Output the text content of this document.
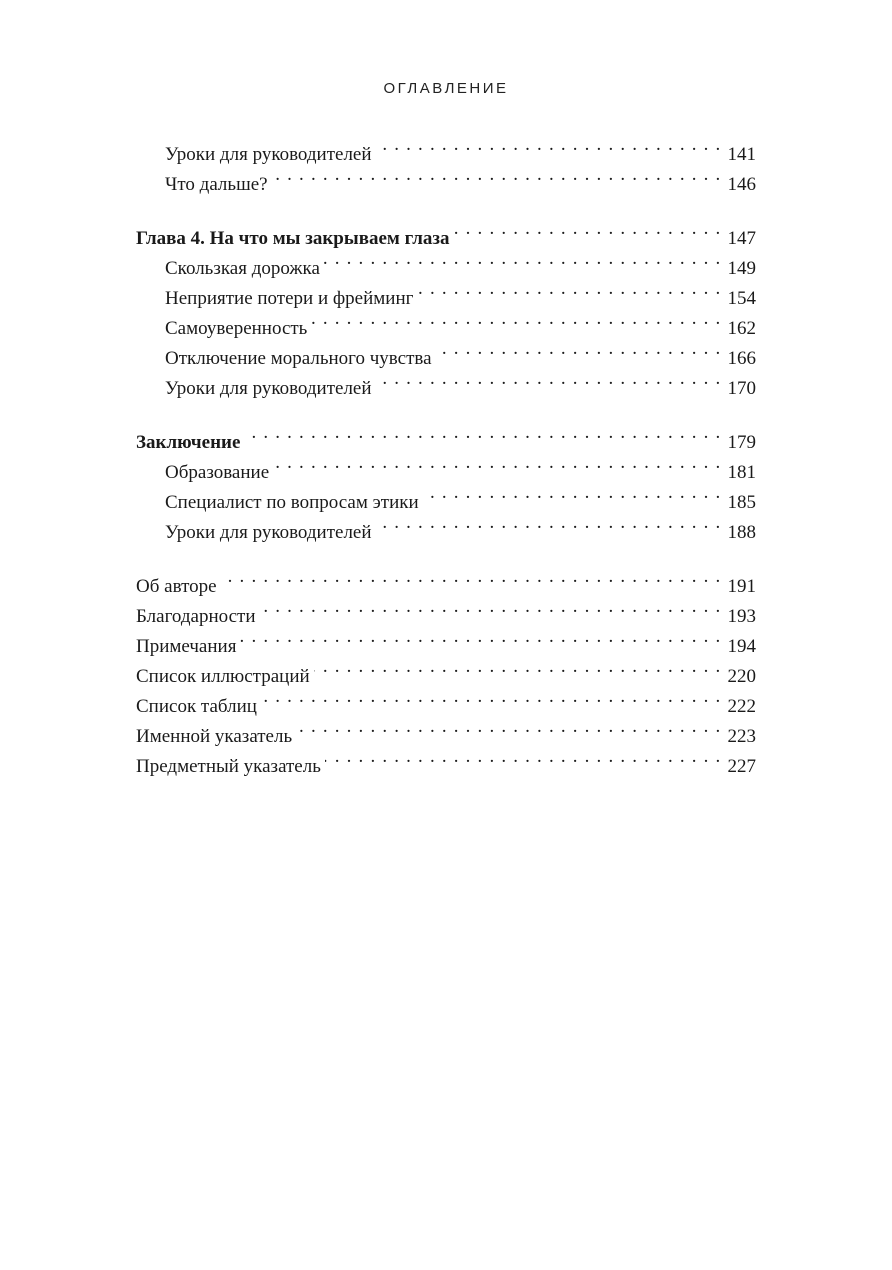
ОГЛАВЛЕНИЕ
Уроки для руководителей . . .	141
Что дальше? . . .	146
Глава 4. На что мы закрываем глаза . . .	147
Скользкая дорожка . . .	149
Неприятие потери и фрейминг . . .	154
Самоуверенность . . .	162
Отключение морального чувства . . .	166
Уроки для руководителей . . .	170
Заключение . . .	179
Образование . . .	181
Специалист по вопросам этики . . .	185
Уроки для руководителей . . .	188
Об авторе . . .	191
Благодарности . . .	193
Примечания . . .	194
Список иллюстраций . . .	220
Список таблиц . . .	222
Именной указатель . . .	223
Предметный указатель . . .	227
